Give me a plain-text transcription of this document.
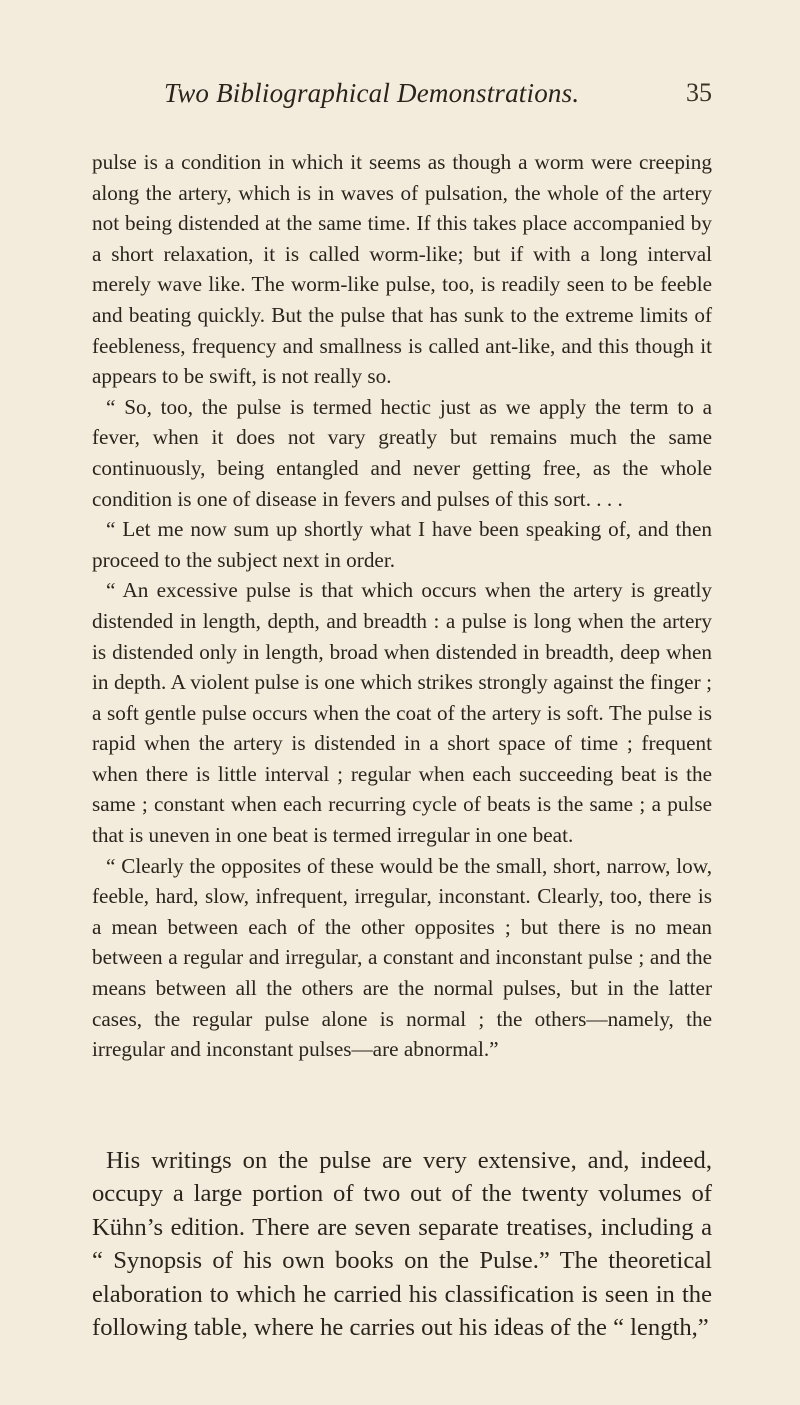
Two Bibliographical Demonstrations.	35

pulse is a condition in which it seems as though a worm were creeping along the artery, which is in waves of pulsation, the whole of the artery not being distended at the same time. If this takes place accompanied by a short relaxation, it is called worm-like; but if with a long interval merely wave like. The worm-like pulse, too, is readily seen to be feeble and beating quickly. But the pulse that has sunk to the extreme limits of feebleness, frequency and smallness is called ant-like, and this though it appears to be swift, is not really so.

“ So, too, the pulse is termed hectic just as we apply the term to a fever, when it does not vary greatly but remains much the same continuously, being entangled and never getting free, as the whole condition is one of disease in fevers and pulses of this sort. . . .

“ Let me now sum up shortly what I have been speaking of, and then proceed to the subject next in order.

“ An excessive pulse is that which occurs when the artery is greatly distended in length, depth, and breadth : a pulse is long when the artery is distended only in length, broad when distended in breadth, deep when in depth. A violent pulse is one which strikes strongly against the finger ; a soft gentle pulse occurs when the coat of the artery is soft. The pulse is rapid when the artery is distended in a short space of time ; frequent when there is little interval ; regular when each succeeding beat is the same ; constant when each recurring cycle of beats is the same ; a pulse that is uneven in one beat is termed irregular in one beat.

“ Clearly the opposites of these would be the small, short, narrow, low, feeble, hard, slow, infrequent, irregular, inconstant. Clearly, too, there is a mean between each of the other opposites ; but there is no mean between a regular and irregular, a constant and inconstant pulse ; and the means between all the others are the normal pulses, but in the latter cases, the regular pulse alone is normal ; the others—namely, the irregular and inconstant pulses—are abnormal.”

His writings on the pulse are very extensive, and, indeed, occupy a large portion of two out of the twenty volumes of Kühn’s edition. There are seven separate treatises, including a “ Synopsis of his own books on the Pulse.” The theoretical elaboration to which he carried his classification is seen in the following table, where he carries out his ideas of the “ length,”
